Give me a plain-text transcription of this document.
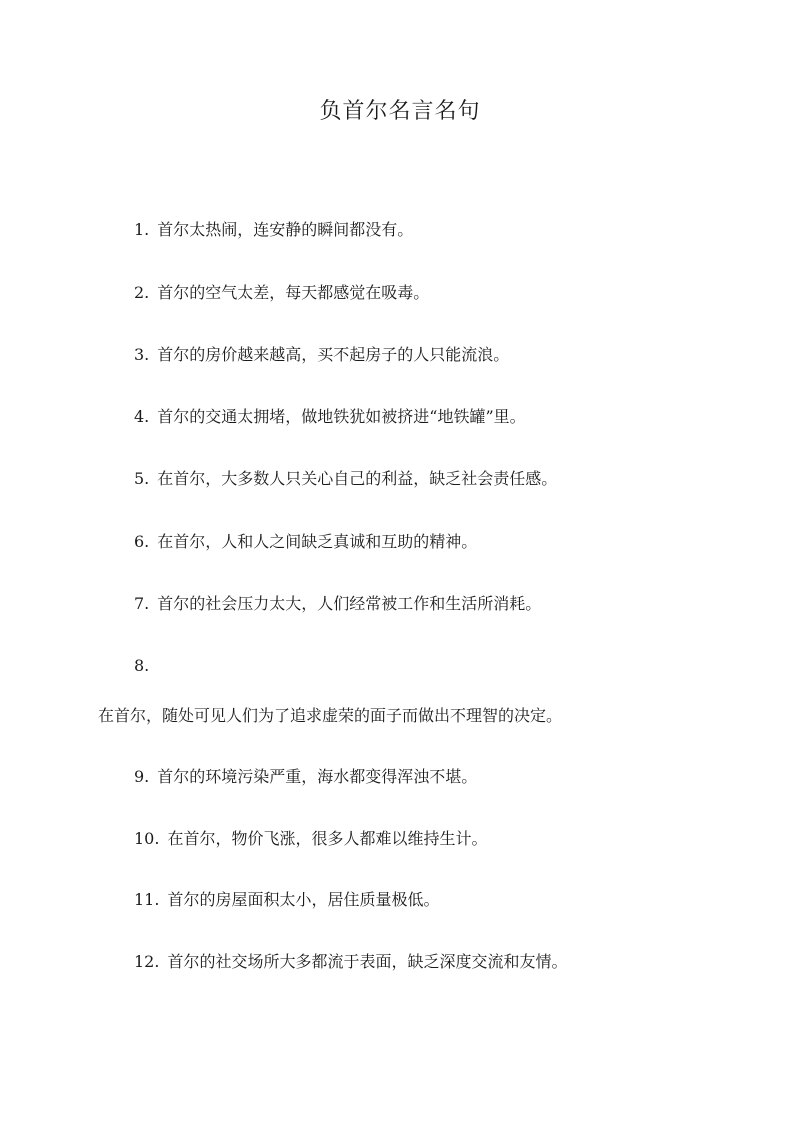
负首尔名言名句
1. 首尔太热闹，连安静的瞬间都没有。
2. 首尔的空气太差，每天都感觉在吸毒。
3. 首尔的房价越来越高，买不起房子的人只能流浪。
4. 首尔的交通太拥堵，做地铁犹如被挤进“地铁罐”里。
5. 在首尔，大多数人只关心自己的利益，缺乏社会责任感。
6. 在首尔，人和人之间缺乏真诚和互助的精神。
7. 首尔的社会压力太大，人们经常被工作和生活所消耗。
8.
在首尔，随处可见人们为了追求虚荣的面子而做出不理智的决定。
9. 首尔的环境污染严重，海水都变得浑浊不堪。
10. 在首尔，物价飞涨，很多人都难以维持生计。
11. 首尔的房屋面积太小，居住质量极低。
12. 首尔的社交场所大多都流于表面，缺乏深度交流和友情。
